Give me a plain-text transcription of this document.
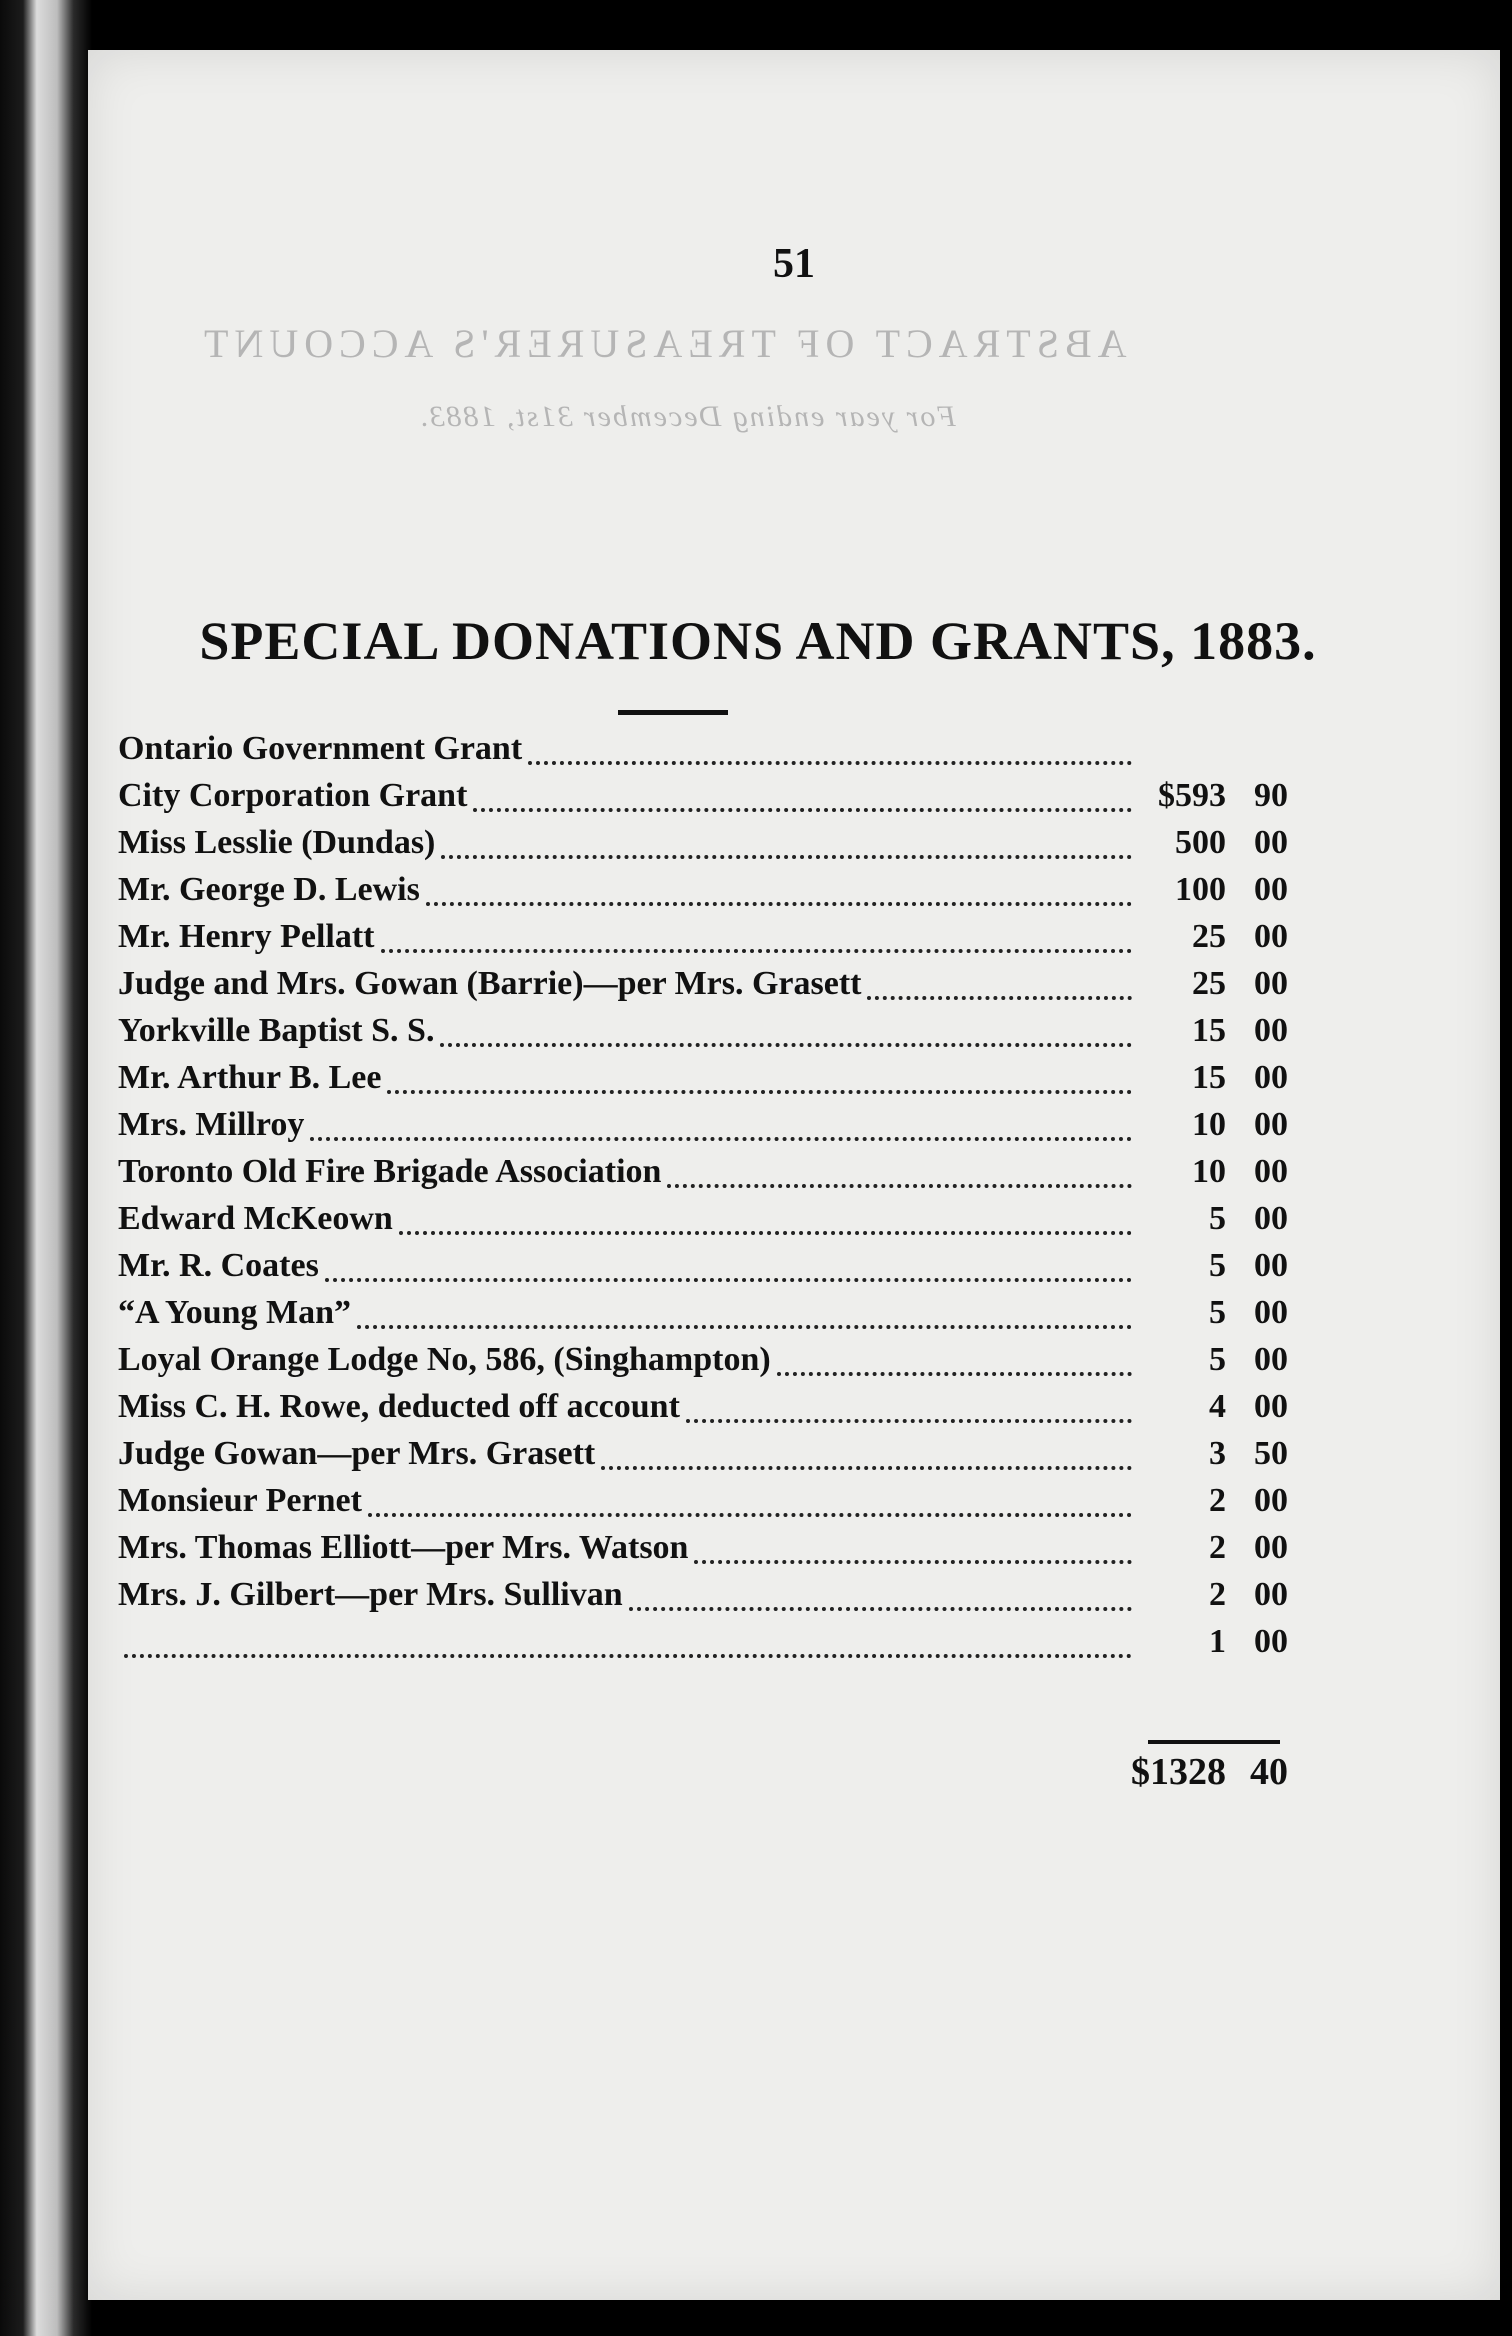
ABSTRACT OF TREASURER'S ACCOUNT
For year ending December 31st, 1883.
51
SPECIAL DONATIONS AND GRANTS, 1883.
Ontario Government Grant
City Corporation Grant	$593 90
Miss Lesslie (Dundas)	500 00
Mr. George D. Lewis	100 00
Mr. Henry Pellatt	25 00
Judge and Mrs. Gowan (Barrie)—per Mrs. Grasett	25 00
Yorkville Baptist S. S.	15 00
Mr. Arthur B. Lee	15 00
Mrs. Millroy	10 00
Toronto Old Fire Brigade Association	10 00
Edward McKeown	5 00
Mr. R. Coates	5 00
“A Young Man”	5 00
Loyal Orange Lodge No, 586, (Singhampton)	5 00
Miss C. H. Rowe, deducted off account	4 00
Judge Gowan—per Mrs. Grasett	3 50
Monsieur Pernet	2 00
Mrs. Thomas Elliott—per Mrs. Watson	2 00
Mrs. J. Gilbert—per Mrs. Sullivan	2 00
1 00
$1328 40
